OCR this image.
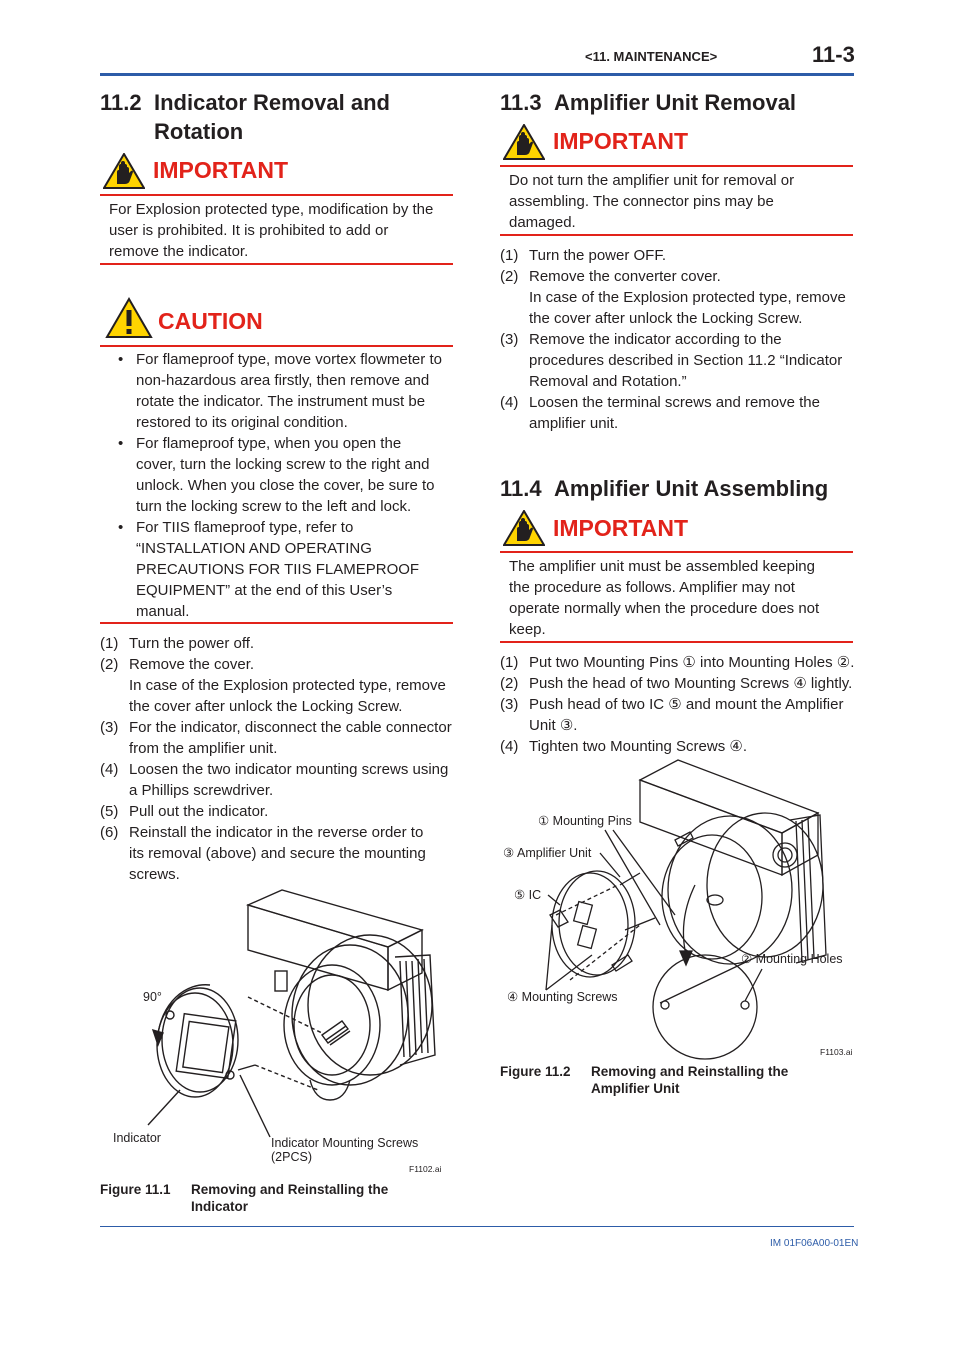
<11. MAINTENANCE>	11-3
11.2 Indicator Removal and Rotation
IMPORTANT
For Explosion protected type, modification by the user is prohibited. It is prohibited to add or remove the indicator.
CAUTION
• For flameproof type, move vortex flowmeter to non-hazardous area firstly, then remove and rotate the indicator. The instrument must be restored to its original condition.
• For flameproof type, when you open the cover, turn the locking screw to the right and unlock. When you close the cover, be sure to turn the locking screw to the left and lock.
• For TIIS flameproof type, refer to “INSTALLATION AND OPERATING PRECAUTIONS FOR TIIS FLAMEPROOF EQUIPMENT” at the end of this User’s manual.
(1) Turn the power off.
(2) Remove the cover.
In case of the Explosion protected type, remove the cover after unlock the Locking Screw.
(3) For the indicator, disconnect the cable connector from the amplifier unit.
(4) Loosen the two indicator mounting screws using a Phillips screwdriver.
(5) Pull out the indicator.
(6) Reinstall the indicator in the reverse order to its removal (above) and secure the mounting screws.
90°
Indicator	Indicator Mounting Screws
(2PCS)
F1102.ai
Figure 11.1 Removing and Reinstalling the Indicator
11.3 Amplifier Unit Removal
IMPORTANT
Do not turn the amplifier unit for removal or assembling. The connector pins may be damaged.
(1) Turn the power OFF.
(2) Remove the converter cover.
In case of the Explosion protected type, remove the cover after unlock the Locking Screw.
(3) Remove the indicator according to the procedures described in Section 11.2 “Indicator Removal and Rotation.”
(4) Loosen the terminal screws and remove the amplifier unit.
11.4 Amplifier Unit Assembling
IMPORTANT
The amplifier unit must be assembled keeping the procedure as follows. Amplifier may not operate normally when the procedure does not keep.
(1) Put two Mounting Pins ① into Mounting Holes ②.
(2) Push the head of two Mounting Screws ④ lightly.
(3) Push head of two IC ⑤ and mount the Amplifier Unit ③.
(4) Tighten two Mounting Screws ④.
① Mounting Pins
③ Amplifier Unit
⑤ IC
② Mounting Holes
④ Mounting Screws
F1103.ai
Figure 11.2 Removing and Reinstalling the Amplifier Unit
IM 01F06A00-01EN
